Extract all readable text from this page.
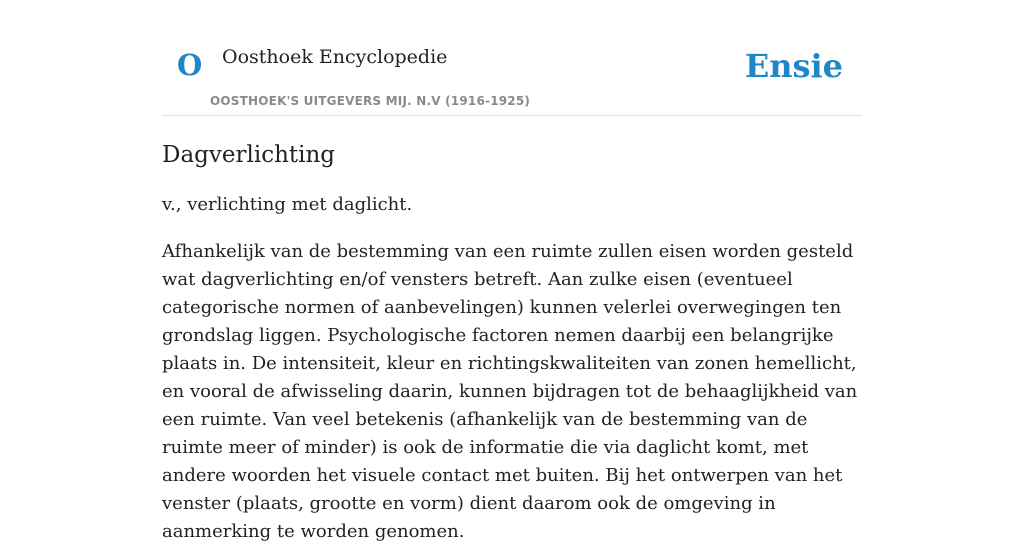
O Oosthoek Encyclopedie
OOSTHOEK'S UITGEVERS MIJ. N.V (1916-1925)
Ensie
Dagverlichting

v., verlichting met daglicht.

Afhankelijk van de bestemming van een ruimte zullen eisen worden gesteld wat dagverlichting en/of vensters betreft. Aan zulke eisen (eventueel categorische normen of aanbevelingen) kunnen velerlei overwegingen ten grondslag liggen. Psychologische factoren nemen daarbij een belangrijke plaats in. De intensiteit, kleur en richtingskwaliteiten van zonen hemellicht, en vooral de afwisseling daarin, kunnen bijdragen tot de behaaglijkheid van een ruimte. Van veel betekenis (afhankelijk van de bestemming van de ruimte meer of minder) is ook de informatie die via daglicht komt, met andere woorden het visuele contact met buiten. Bij het ontwerpen van het venster (plaats, grootte en vorm) dient daarom ook de omgeving in aanmerking te worden genomen.
